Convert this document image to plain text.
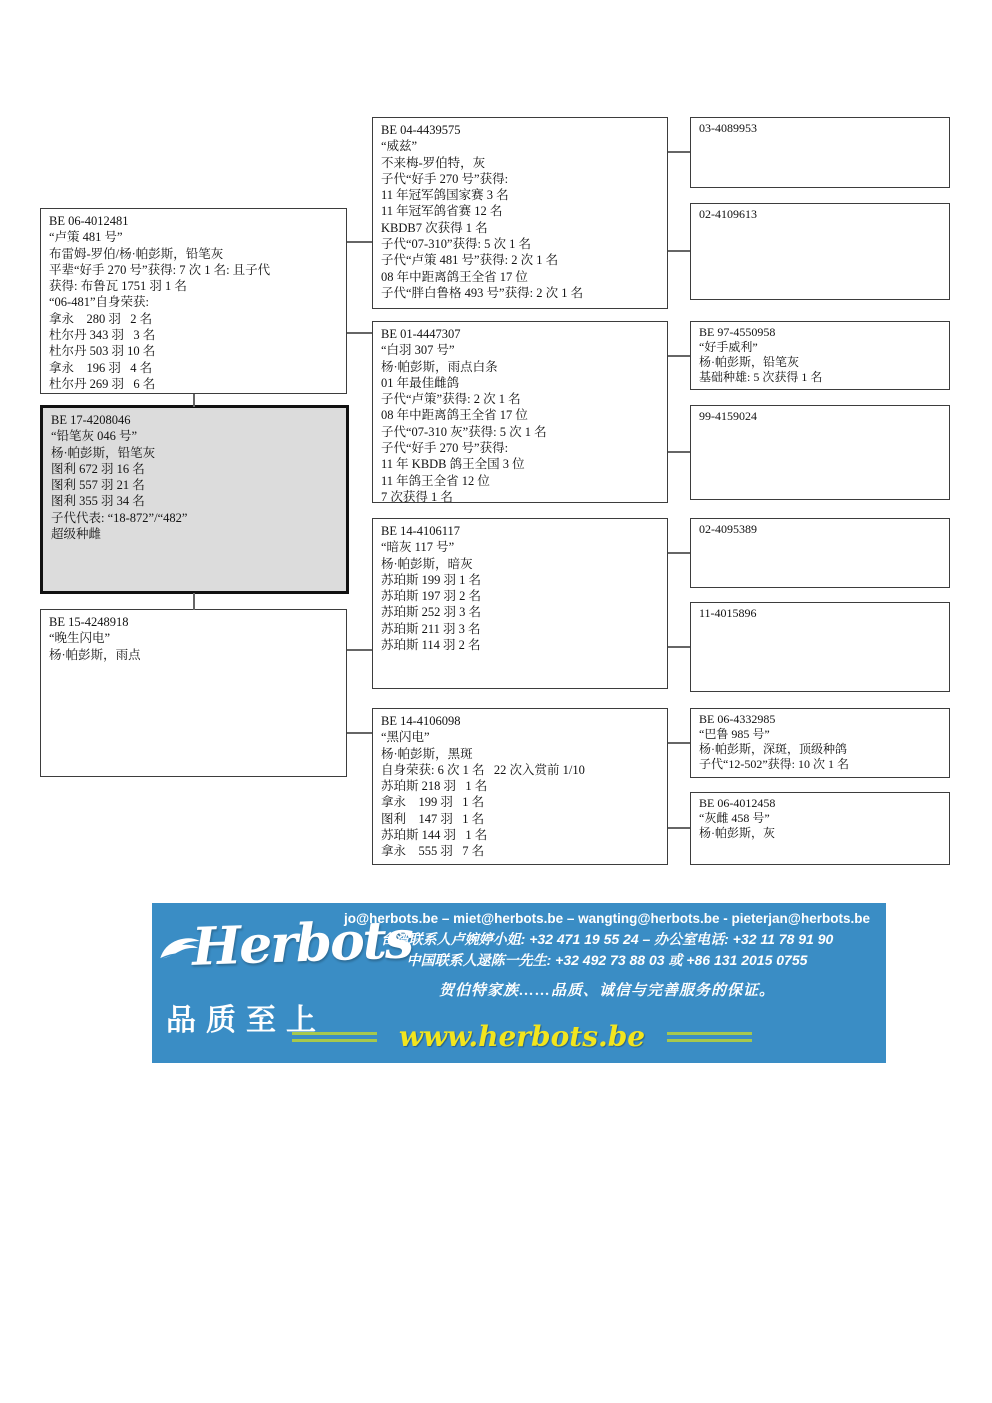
BE 06-4012481
“卢策 481 号”
布雷姆-罗伯/杨·帕彭斯，铅笔灰
平辈“好手 270 号”获得: 7 次 1 名: 且子代
获得: 布鲁瓦 1751 羽 1 名
“06-481”自身荣获:
拿永    280 羽   2 名
杜尔丹 343 羽   3 名
杜尔丹 503 羽 10 名
拿永    196 羽   4 名
杜尔丹 269 羽   6 名
BE 17-4208046
“铅笔灰 046 号”
杨·帕彭斯，铅笔灰
图利 672 羽 16 名
图利 557 羽 21 名
图利 355 羽 34 名
子代代表: “18-872”/“482”
超级种雌
BE 15-4248918
“晚生闪电”
杨·帕彭斯，雨点
BE 04-4439575
“威兹”
不来梅-罗伯特，灰
子代“好手 270 号”获得:
11 年冠军鸽国家赛 3 名
11 年冠军鸽省赛 12 名
KBDB7 次获得 1 名
子代“07-310”获得: 5 次 1 名
子代“卢策 481 号”获得: 2 次 1 名
08 年中距离鸽王全省 17 位
子代“胖白鲁格 493 号”获得: 2 次 1 名
BE 01-4447307
“白羽 307 号”
杨·帕彭斯，雨点白条
01 年最佳雌鸽
子代“卢策”获得: 2 次 1 名
08 年中距离鸽王全省 17 位
子代“07-310 灰”获得: 5 次 1 名
子代“好手 270 号”获得:
11 年 KBDB 鸽王全国 3 位
11 年鸽王全省 12 位
7 次获得 1 名
BE 14-4106117
“暗灰 117 号”
杨·帕彭斯，暗灰
苏珀斯 199 羽 1 名
苏珀斯 197 羽 2 名
苏珀斯 252 羽 3 名
苏珀斯 211 羽 3 名
苏珀斯 114 羽 2 名
BE 14-4106098
“黑闪电”
杨·帕彭斯，黑斑
自身荣获: 6 次 1 名   22 次入赏前 1/10
苏珀斯 218 羽   1 名
拿永    199 羽   1 名
图利    147 羽   1 名
苏珀斯 144 羽   1 名
拿永    555 羽   7 名
03-4089953
02-4109613
BE 97-4550958
“好手威利”
杨·帕彭斯，铅笔灰
基础种雄: 5 次获得 1 名
99-4159024
02-4095389
11-4015896
BE 06-4332985
“巴鲁 985 号”
杨·帕彭斯，深斑，顶级种鸽
子代“12-502”获得: 10 次 1 名
BE 06-4012458
“灰雌 458 号”
杨·帕彭斯，灰
Herbots
品质至上
jo@herbots.be – miet@herbots.be – wangting@herbots.be - pieterjan@herbots.be
台湾联系人卢婉婷小姐: +32 471 19 55 24 – 办公室电话: +32 11 78 91 90
中国联系人逯陈一先生: +32 492 73 88 03 或 +86 131 2015 0755
贺伯特家族……品质、诚信与完善服务的保证。
www.herbots.be
